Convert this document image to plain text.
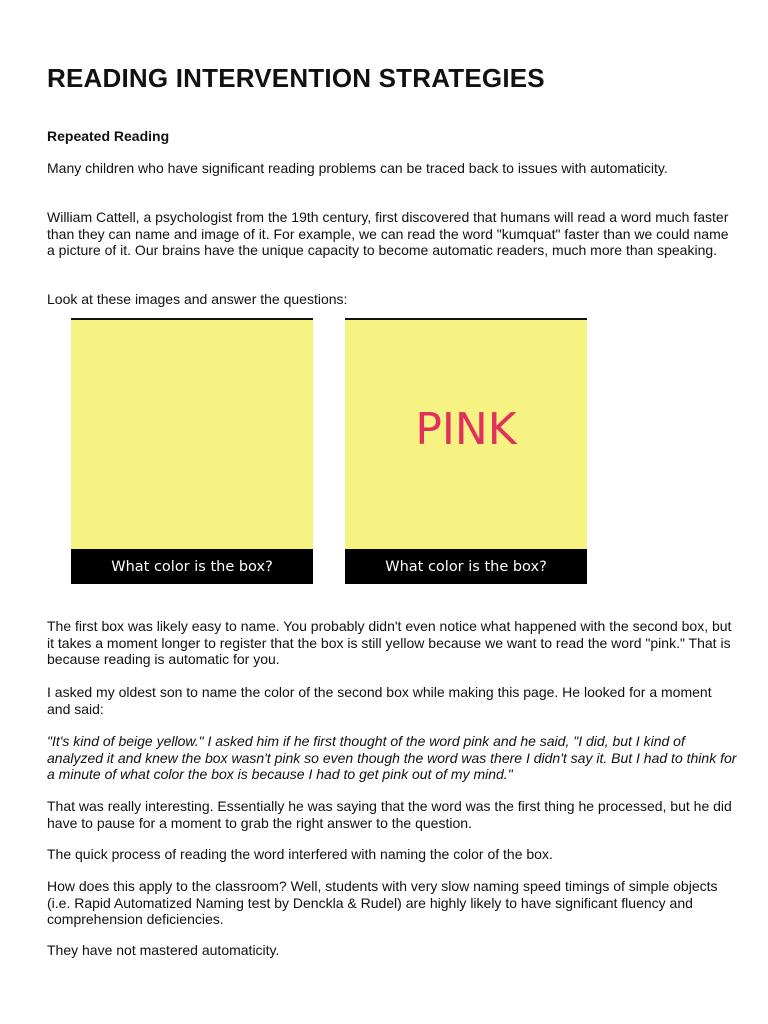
READING INTERVENTION STRATEGIES
Repeated Reading

Many children who have significant reading problems can be traced back to issues with automaticity.

William Cattell, a psychologist from the 19th century, first discovered that humans will read a word much faster than they can name and image of it. For example, we can read the word "kumquat" faster than we could name a picture of it. Our brains have the unique capacity to become automatic readers, much more than speaking.

Look at these images and answer the questions:

The first box was likely easy to name. You probably didn't even notice what happened with the second box, but it takes a moment longer to register that the box is still yellow because we want to read the word "pink." That is because reading is automatic for you.

I asked my oldest son to name the color of the second box while making this page. He looked for a moment and said:

"It's kind of beige yellow." I asked him if he first thought of the word pink and he said, "I did, but I kind of analyzed it and knew the box wasn't pink so even though the word was there I didn't say it. But I had to think for a minute of what color the box is because I had to get pink out of my mind."

That was really interesting. Essentially he was saying that the word was the first thing he processed, but he did have to pause for a moment to grab the right answer to the question.

The quick process of reading the word interfered with naming the color of the box.

How does this apply to the classroom? Well, students with very slow naming speed timings of simple objects (i.e. Rapid Automatized Naming test by Denckla & Rudel) are highly likely to have significant fluency and comprehension deficiencies.

They have not mastered automaticity.

What color is the box?
PINK
What color is the box?
